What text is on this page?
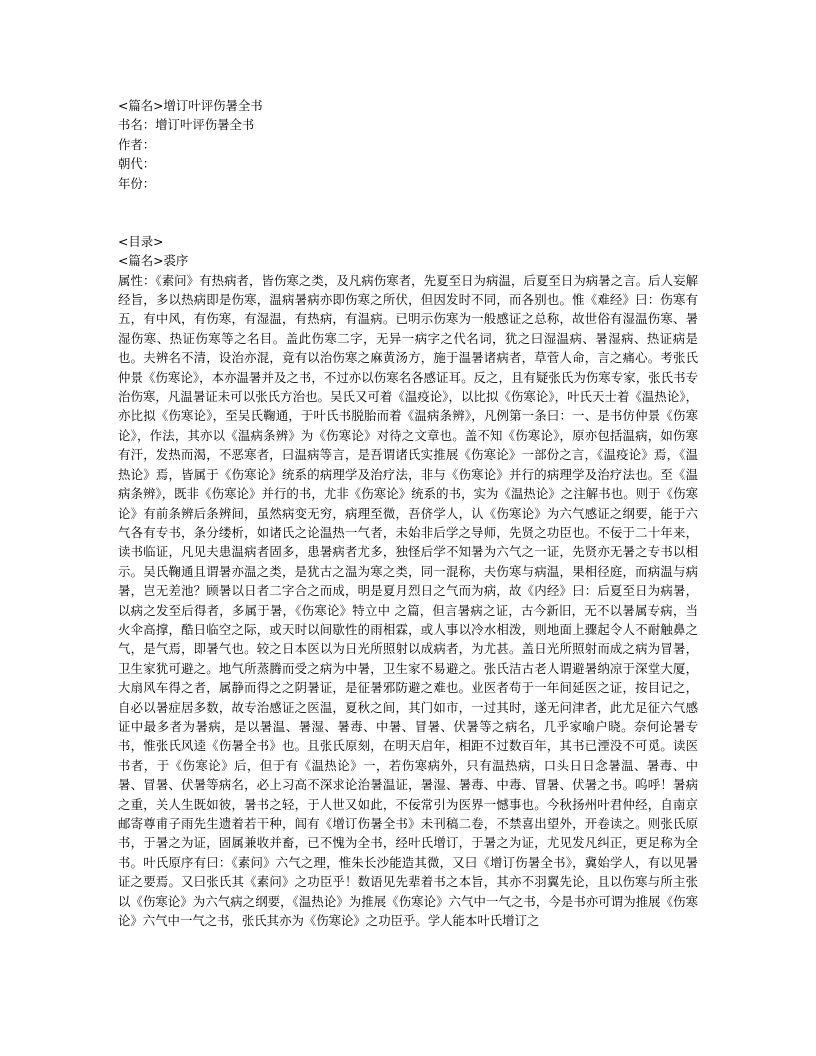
<篇名>增订叶评伤暑全书
书名：增订叶评伤暑全书
作者：
朝代：
年份：
<目录>
<篇名>裘序

属性：《素问》有热病者，皆伤寒之类，及凡病伤寒者，先夏至日为病温，后夏至日为病暑之言。后人妄解经旨，多以热病即是伤寒，温病暑病亦即伤寒之所伏，但因发时不同，而各别也。惟《难经》曰：伤寒有五，有中风，有伤寒，有湿温，有热病，有温病。已明示伤寒为一般感证之总称，故世俗有湿温伤寒、暑湿伤寒、热证伤寒等之名目。盖此伤寒二字，无异一病字之代名词，犹之曰湿温病、暑湿病、热证病是也。夫辨名不清，设治亦混，竟有以治伤寒之麻黄汤方，施于温暑诸病者，草菅人命，言之痛心。考张氏仲景《伤寒论》，本亦温暑并及之书，不过亦以伤寒名各感证耳。反之，且有疑张氏为伤寒专家，张氏书专治伤寒，凡温暑证未可以张氏方治也。吴氏又可着《温疫论》，以比拟《伤寒论》，叶氏天士着《温热论》，亦比拟《伤寒论》，至吴氏鞠通，于叶氏书脱胎而着《温病条辨》，凡例第一条曰：一、是书仿仲景《伤寒论》，作法，其亦以《温病条辨》为《伤寒论》对待之文章也。盖不知《伤寒论》，原亦包括温病，如伤寒有汗，发热而渴，不恶寒者，曰温病等言，是吾谓诸氏实推展《伤寒论》一部份之言，《温疫论》焉，《温热论》焉，皆属于《伤寒论》统系的病理学及治疗法，非与《伤寒论》并行的病理学及治疗法也。至《温病条辨》，既非《伤寒论》并行的书，尤非《伤寒论》统系的书，实为《温热论》之注解书也。则于《伤寒论》有前条辨后条辨间，虽然病变无穷，病理至微，吾侪学人，认《伤寒论》为六气感证之纲要，能于六气各有专书，条分缕析，如诸氏之论温热一气者，未始非后学之导师，先贤之功臣也。不佞于二十年来，读书临证，凡见夫患温病者固多，患暑病者尤多，独怪后学不知暑为六气之一证，先贤亦无暑之专书以相示。吴氏鞠通且谓暑亦温之类，是犹古之温为寒之类，同一混称，夫伤寒与病温，果相径庭，而病温与病暑，岂无差池？顾暑以日者二字合之而成，明是夏月烈日之气而为病，故《内经》曰：后夏至日为病暑，以病之发至后得者，多属于暑，《伤寒论》特立中 之篇，但言暑病之证，古今新旧，无不以暑属专病，当火伞高撑，酷日临空之际，或天时以间歇性的雨相霖，或人事以冷水相泼，则地面上骤起令人不耐触鼻之气，是气焉，即暑气也。较之日本医以为日光所照射以成病者，为尤甚。盖日光所照射而成之病为冒暑，卫生家犹可避之。地气所蒸腾而受之病为中暑，卫生家不易避之。张氏洁古老人谓避暑纳凉于深堂大厦，大扇风车得之者，属静而得之之阴暑证，是征暑邪防避之难也。业医者苟于一年间延医之证，按目记之，自必以暑症居多数，故专治感证之医温，夏秋之间，其门如市，一过其时，遂无问津者，此尤足征六气感证中最多者为暑病，是以暑温、暑湿、暑毒、中暑、冒暑、伏暑等之病名，几乎家喻户晓。奈何论暑专书，惟张氏风逵《伤暑全书》也。且张氏原刻，在明天启年，相距不过数百年，其书已湮没不可觅。读医书者，于《伤寒论》后，但于有《温热论》一，若伤寒病外，只有温热病，口头日日念暑温、暑毒、中暑、冒暑、伏暑等病名，必上习高不深求论治暑温证，暑湿、暑毒、中毒、冒暑、伏暑之书。呜呼！暑病之重，关人生既如彼，暑书之轻，于人世又如此，不佞常引为医界一憾事也。今秋扬州叶君仲经，自南京邮寄尊甫子雨先生遗着若干种，闾有《增订伤暑全书》未刊稿二卷，不禁喜出望外，开卷读之。则张氏原书，于暑之为证，固属兼收并畜，已不愧为全书，经叶氏增订，于暑之为证，尤见发凡纠正，更足称为全书。叶氏原序有曰：《素问》六气之理，惟朱长沙能造其微，又曰《增订伤暑全书》，冀始学人，有以见暑证之要焉。又曰张氏其《素问》之功臣乎！数语见先辈着书之本旨，其亦不羽翼先论，且以伤寒与所主张以《伤寒论》为六气病之纲要，《温热论》为推展《伤寒论》六气中一气之书，今是书亦可谓为推展《伤寒论》六气中一气之书，张氏其亦为《伤寒论》之功臣乎。学人能本叶氏增订之
